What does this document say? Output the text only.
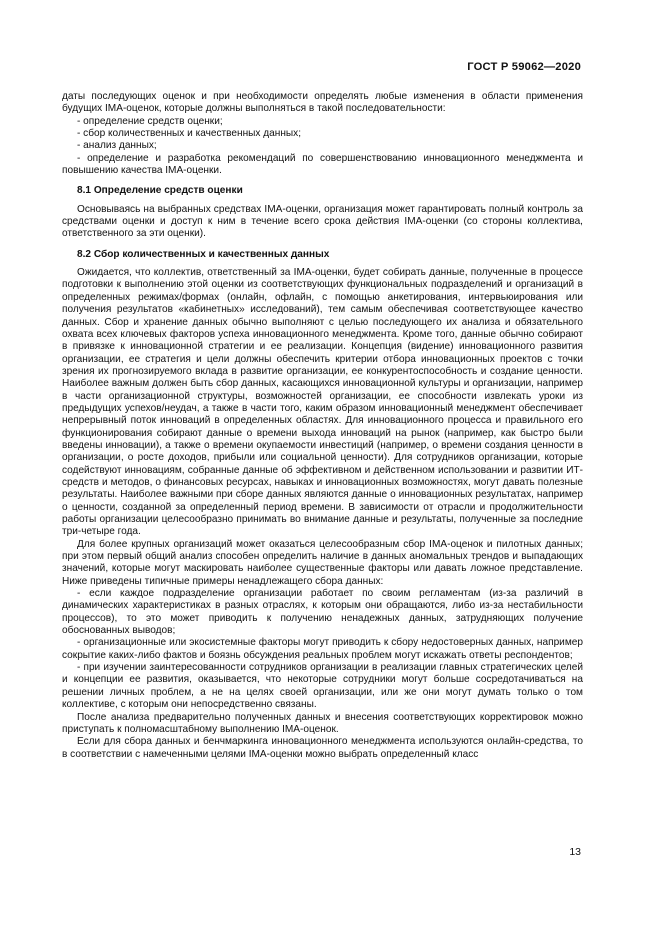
ГОСТ Р 59062—2020

даты последующих оценок и при необходимости определять любые изменения в области применения будущих IMA-оценок, которые должны выполняться в такой последовательности:

- определение средств оценки;

- сбор количественных и качественных данных;

- анализ данных;

- определение и разработка рекомендаций по совершенствованию инновационного менеджмента и повышению качества IMA-оценки.

8.1 Определение средств оценки

Основываясь на выбранных средствах IMA-оценки, организация может гарантировать полный контроль за средствами оценки и доступ к ним в течение всего срока действия IMA-оценки (со стороны коллектива, ответственного за эти оценки).

8.2 Сбор количественных и качественных данных

Ожидается, что коллектив, ответственный за IMA-оценки, будет собирать данные, полученные в процессе подготовки к выполнению этой оценки из соответствующих функциональных подразделений и организаций в определенных режимах/формах (онлайн, офлайн, с помощью анкетирования, интервьюирования или получения результатов «кабинетных» исследований), тем самым обеспечивая соответствующее качество данных. Сбор и хранение данных обычно выполняют с целью последующего их анализа и обязательного охвата всех ключевых факторов успеха инновационного менеджмента. Кроме того, данные обычно собирают в привязке к инновационной стратегии и ее реализации. Концепция (видение) инновационного развития организации, ее стратегия и цели должны обеспечить критерии отбора инновационных проектов с точки зрения их прогнозируемого вклада в развитие организации, ее конкурентоспособность и создание ценности. Наиболее важным должен быть сбор данных, касающихся инновационной культуры и организации, например в части организационной структуры, возможностей организации, ее способности извлекать уроки из предыдущих успехов/неудач, а также в части того, каким образом инновационный менеджмент обеспечивает непрерывный поток инноваций в определенных областях. Для инновационного процесса и правильного его функционирования собирают данные о времени выхода инноваций на рынок (например, как быстро были введены инновации), а также о времени окупаемости инвестиций (например, о времени создания ценности в организации, о росте доходов, прибыли или социальной ценности). Для сотрудников организации, которые содействуют инновациям, собранные данные об эффективном и действенном использовании и развитии ИТ-средств и методов, о финансовых ресурсах, навыках и инновационных возможностях, могут давать полезные результаты. Наиболее важными при сборе данных являются данные о инновационных результатах, например о ценности, созданной за определенный период времени. В зависимости от отрасли и продолжительности работы организации целесообразно принимать во внимание данные и результаты, полученные за последние три-четыре года.

Для более крупных организаций может оказаться целесообразным сбор IMA-оценок и пилотных данных; при этом первый общий анализ способен определить наличие в данных аномальных трендов и выпадающих значений, которые могут маскировать наиболее существенные факторы или давать ложное представление. Ниже приведены типичные примеры ненадлежащего сбора данных:

- если каждое подразделение организации работает по своим регламентам (из-за различий в динамических характеристиках в разных отраслях, к которым они обращаются, либо из-за нестабильности процессов), то это может приводить к получению ненадежных данных, затрудняющих получение обоснованных выводов;

- организационные или экосистемные факторы могут приводить к сбору недостоверных данных, например сокрытие каких-либо фактов и боязнь обсуждения реальных проблем могут искажать ответы респондентов;

- при изучении заинтересованности сотрудников организации в реализации главных стратегических целей и концепции ее развития, оказывается, что некоторые сотрудники могут больше сосредотачиваться на решении личных проблем, а не на целях своей организации, или же они могут думать только о том коллективе, с которым они непосредственно связаны.

После анализа предварительно полученных данных и внесения соответствующих корректировок можно приступать к полномасштабному выполнению IMA-оценок.

Если для сбора данных и бенчмаркинга инновационного менеджмента используются онлайн-средства, то в соответствии с намеченными целями IMA-оценки можно выбрать определенный класс

13
